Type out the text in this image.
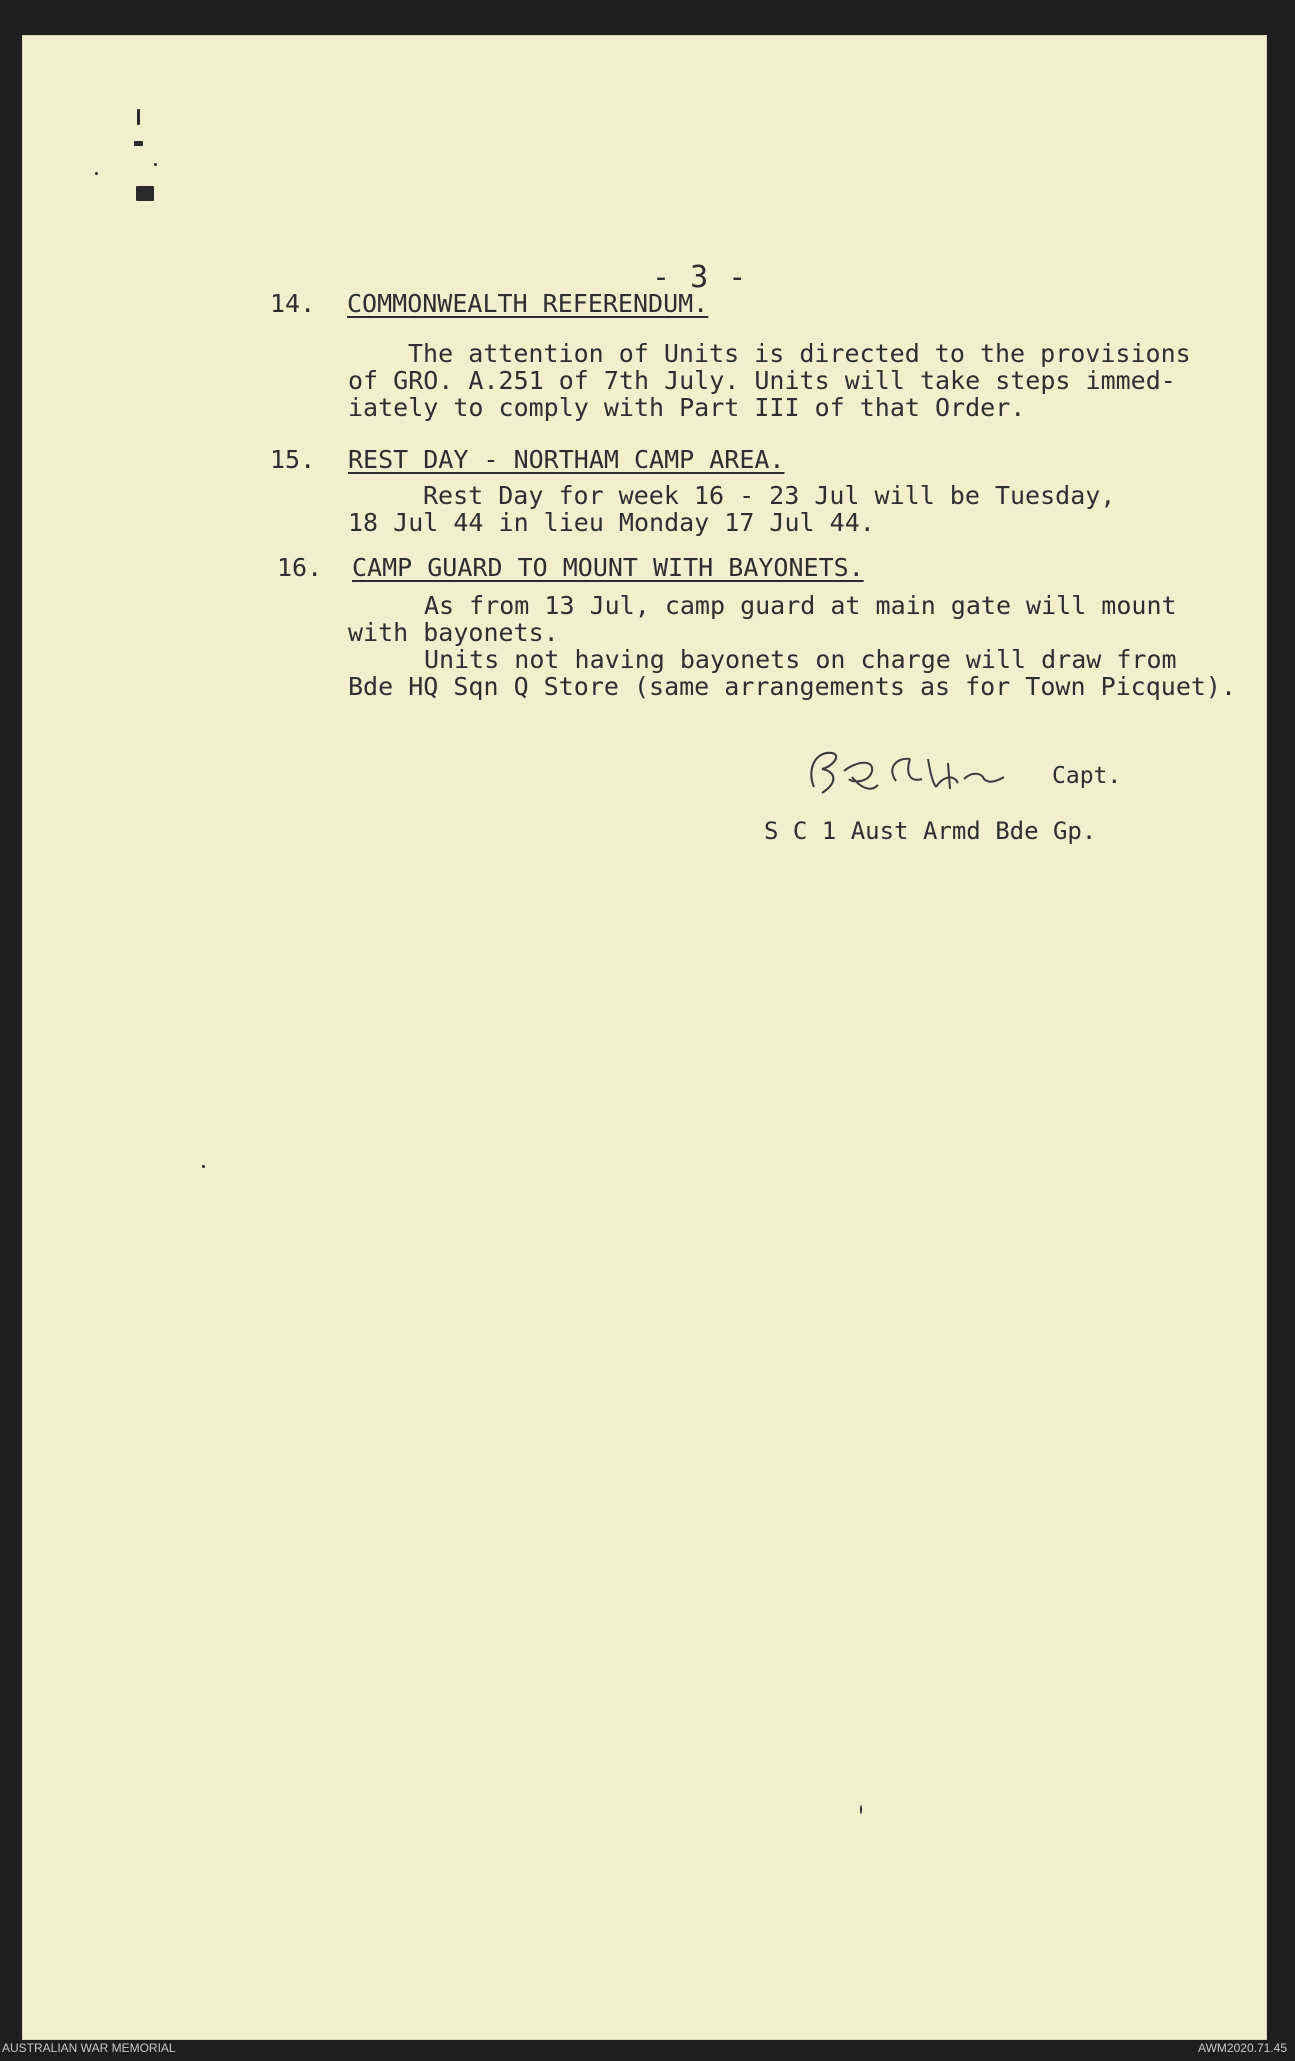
- 3 -
14. COMMONWEALTH REFERENDUM.
The attention of Units is directed to the provisions
of GRO. A.251 of 7th July. Units will take steps immed-
iately to comply with Part III of that Order.
15. REST DAY - NORTHAM CAMP AREA.
Rest Day for week 16 - 23 Jul will be Tuesday,
18 Jul 44 in lieu Monday 17 Jul 44.
16. CAMP GUARD TO MOUNT WITH BAYONETS.
As from 13 Jul, camp guard at main gate will mount
with bayonets.
Units not having bayonets on charge will draw from
Bde HQ Sqn Q Store (same arrangements as for Town Picquet).
Capt.
S C 1 Aust Armd Bde Gp.
AUSTRALIAN WAR MEMORIAL	AWM2020.71.45
